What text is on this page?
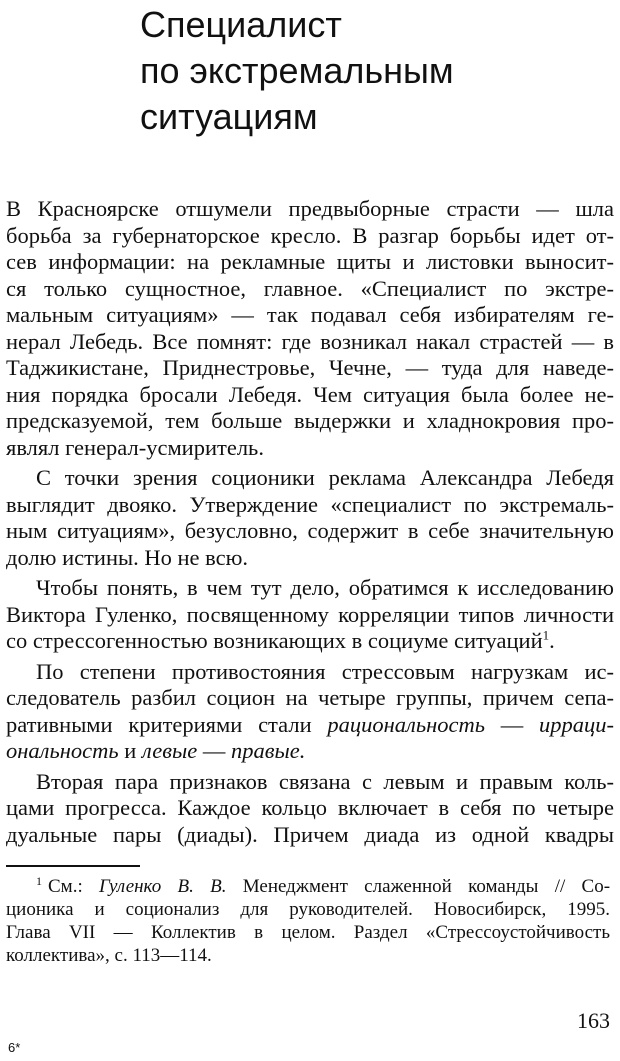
Специалист
по экстремальным
ситуациям
В Красноярске отшумели предвыборные страсти — шла
борьба за губернаторское кресло. В разгар борьбы идет от-
сев информации: на рекламные щиты и листовки выносит-
ся только сущностное, главное. «Специалист по экстре-
мальным ситуациям» — так подавал себя избирателям ге-
нерал Лебедь. Все помнят: где возникал накал страстей — в
Таджикистане, Приднестровье, Чечне, — туда для наведе-
ния порядка бросали Лебедя. Чем ситуация была более не-
предсказуемой, тем больше выдержки и хладнокровия про-
являл генерал-усмиритель.
С точки зрения соционики реклама Александра Лебедя
выглядит двояко. Утверждение «специалист по экстремаль-
ным ситуациям», безусловно, содержит в себе значительную
долю истины. Но не всю.
Чтобы понять, в чем тут дело, обратимся к исследованию
Виктора Гуленко, посвященному корреляции типов личности
со стрессогенностью возникающих в социуме ситуаций$^1$.
По степени противостояния стрессовым нагрузкам ис-
следователь разбил социон на четыре группы, причем сепа-
ративными критериями стали рациональность — ирраци-
ональность и левые — правые.
Вторая пара признаков связана с левым и правым коль-
цами прогресса. Каждое кольцо включает в себя по четыре
дуальные пары (диады). Причем диада из одной квадры
$^1$ См.: Гуленко В. В. Менеджмент слаженной команды // Со-
ционика и соционализ для руководителей. Новосибирск, 1995.
Глава VII — Коллектив в целом. Раздел «Стрессоустойчивость
коллектива», с. 113—114.
163
6*
